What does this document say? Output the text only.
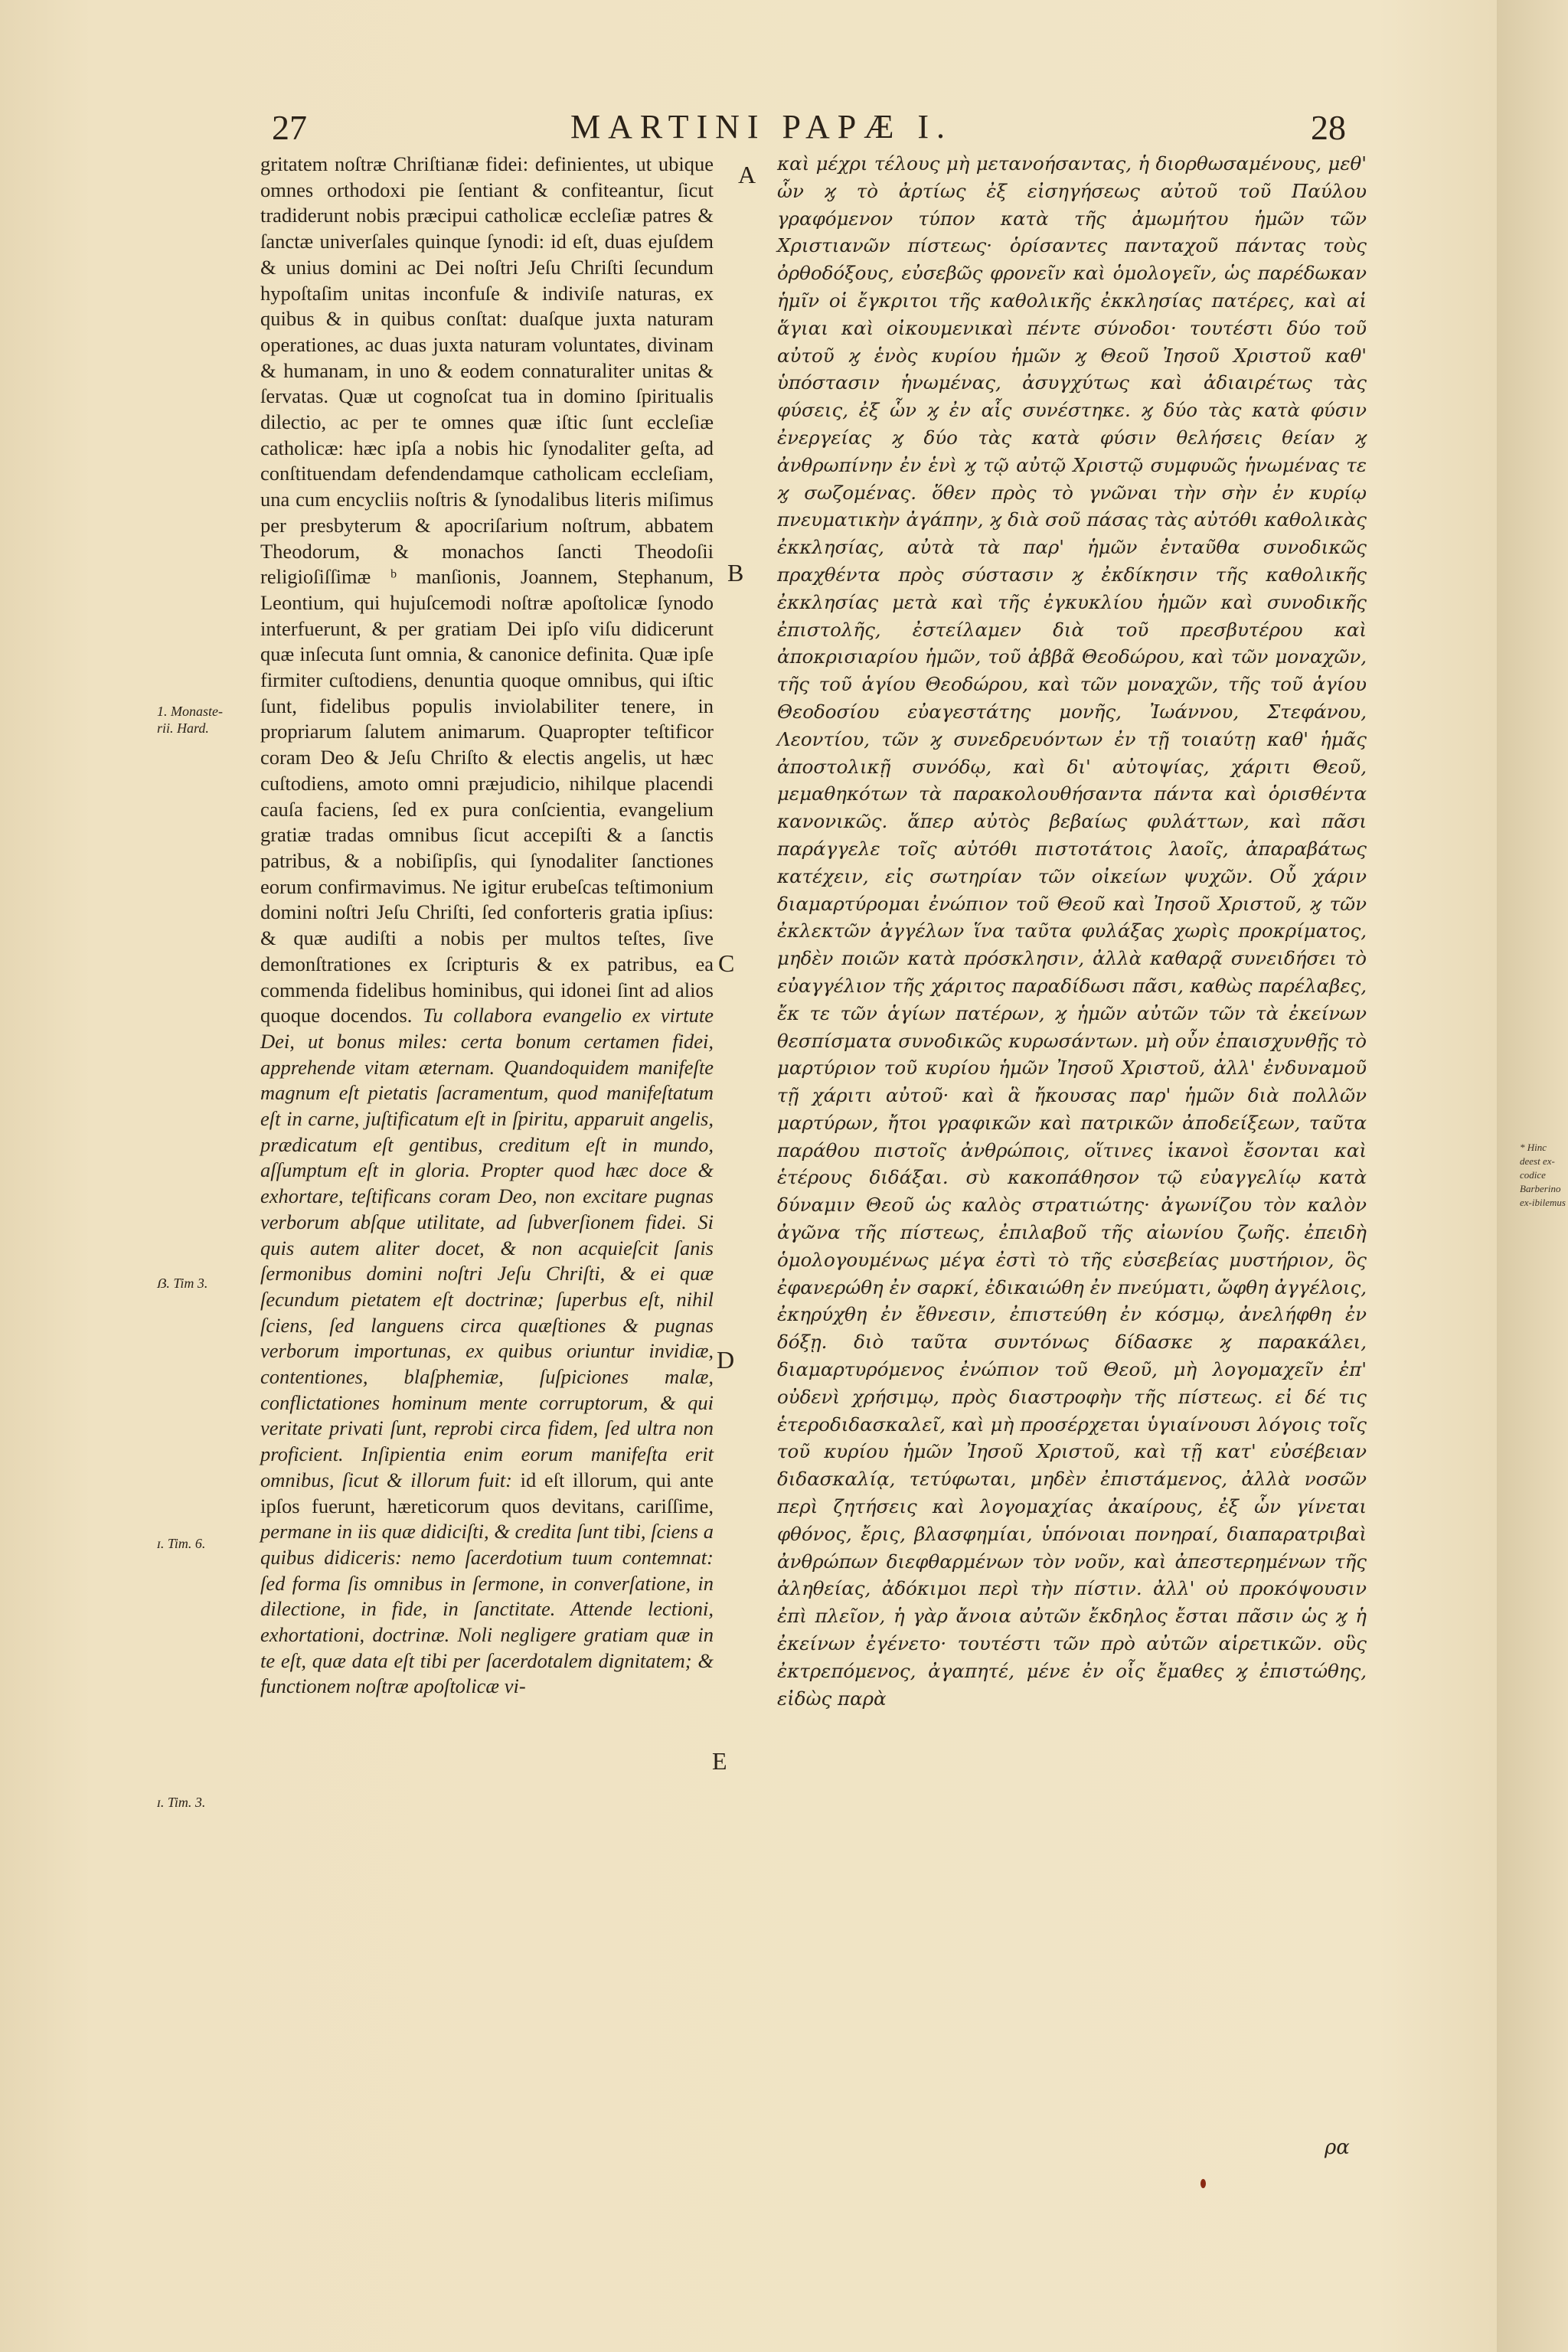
27	MARTINI PAPÆ I.	28
1. Monaste- rii. Hard.
ẞ. Tim 3.
ɪ. Tim. 6.
ɪ. Tim. 3.

gritatem noſtræ Chriſtianæ fidei: definientes, ut ubique omnes orthodoxi pie ſentiant & confiteantur, ſicut tradiderunt nobis præcipui catholicæ eccleſiæ patres & ſanctæ univerſales quinque ſynodi: id eſt, duas ejuſdem & unius domini ac Dei noſtri Jeſu Chriſti ſecundum hypoſtaſim unitas inconfuſe & indiviſe naturas, ex quibus & in quibus conſtat: duaſque juxta naturam operationes, ac duas juxta naturam voluntates, divinam & humanam, in uno & eodem connaturaliter unitas & ſervatas. Quæ ut cognoſcat tua in domino ſpiritualis dilectio, ac per te omnes quæ iſtic ſunt eccleſiæ catholicæ: hæc ipſa a nobis hic ſynodaliter geſta, ad conſtituendam defendendamque catholicam eccleſiam, una cum encycliis noſtris & ſynodalibus literis miſimus per presbyterum & apocriſarium noſtrum, abbatem Theodorum, & monachos ſancti Theodoſii religioſiſſimæ ᵇ manſionis, Joannem, Stephanum, Leontium, qui hujuſcemodi noſtræ apoſtolicæ ſynodo interfuerunt, & per gratiam Dei ipſo viſu didicerunt quæ inſecuta ſunt omnia, & canonice definita. Quæ ipſe firmiter cuſtodiens, denuntia quoque omnibus, qui iſtic ſunt, fidelibus populis inviolabiliter tenere, in propriarum ſalutem animarum. Quapropter teſtificor coram Deo & Jeſu Chriſto & electis angelis, ut hæc cuſtodiens, amoto omni præjudicio, nihilque placendi cauſa faciens, ſed ex pura conſcientia, evangelium gratiæ tradas omnibus ſicut accepiſti & a ſanctis patribus, & a nobiſipſis, qui ſynodaliter ſanctiones eorum confirmavimus. Ne igitur erubeſcas teſtimonium domini noſtri Jeſu Chriſti, ſed conforteris gratia ipſius: & quæ audiſti a nobis per multos teſtes, ſive demonſtrationes ex ſcripturis & ex patribus, ea commenda fidelibus hominibus, qui idonei ſint ad alios quoque docendos. Tu collabora evangelio ex virtute Dei, ut bonus miles: certa bonum certamen fidei, apprehende vitam æternam. Quandoquidem manifeſte magnum eſt pietatis ſacramentum, quod manifeſtatum eſt in carne, juſtificatum eſt in ſpiritu, apparuit angelis, prædicatum eſt gentibus, creditum eſt in mundo, aſſumptum eſt in gloria. Propter quod hæc doce & exhortare, teſtificans coram Deo, non excitare pugnas verborum abſque utilitate, ad ſubverſionem fidei. Si quis autem aliter docet, & non acquieſcit ſanis ſermonibus domini noſtri Jeſu Chriſti, & ei quæ ſecundum pietatem eſt doctrinæ; ſuperbus eſt, nihil ſciens, ſed languens circa quæſtiones & pugnas verborum importunas, ex quibus oriuntur invidiæ, contentiones, blaſphemiæ, ſuſpiciones malæ, conflictationes hominum mente corruptorum, & qui veritate privati ſunt, reprobi circa fidem, ſed ultra non proficient. Inſipientia enim eorum manifeſta erit omnibus, ſicut & illorum fuit: id eſt illorum, qui ante ipſos fuerunt, hæreticorum quos devitans, cariſſime, permane in iis quæ didiciſti, & credita ſunt tibi, ſciens a quibus didiceris: nemo ſacerdotium tuum contemnat: ſed forma ſis omnibus in ſermone, in converſatione, in dilectione, in fide, in ſanctitate. Attende lectioni, exhortationi, doctrinæ. Noli negligere gratiam quæ in te eſt, quæ data eſt tibi per ſacerdotalem dignitatem; & functionem noſtræ apoſtolicæ vi-

A
B
C
D
E

καὶ μέχρι τέλους μὴ μετανοήσαντας, ἡ διορθωσαμένους, μεθ' ὧν ϗ τὸ ἀρτίως ἐξ εἰσηγήσεως αὐτοῦ τοῦ Παύλου γραφόμενον τύπον κατὰ τῆς ἀμωμήτου ἡμῶν τῶν Χριστιανῶν πίστεως· ὁρίσαντες πανταχοῦ πάντας τοὺς ὀρθοδόξους, εὐσεβῶς φρονεῖν καὶ ὁμολογεῖν, ὡς παρέδωκαν ἡμῖν οἱ ἔγκριτοι τῆς καθολικῆς ἐκκλησίας πατέρες, καὶ αἱ ἅγιαι καὶ οἰκουμενικαὶ πέντε σύνοδοι· τουτέστι δύο τοῦ αὐτοῦ ϗ ἑνὸς κυρίου ἡμῶν ϗ Θεοῦ Ἰησοῦ Χριστοῦ καθ' ὑπόστασιν ἡνωμένας, ἀσυγχύτως καὶ ἀδιαιρέτως τὰς φύσεις, ἐξ ὧν ϗ ἐν αἷς συνέστηκε. ϗ δύο τὰς κατὰ φύσιν ἐνεργείας ϗ δύο τὰς κατὰ φύσιν θελήσεις θείαν ϗ ἀνθρωπίνην ἐν ἑνὶ ϗ τῷ αὐτῷ Χριστῷ συμφυῶς ἡνωμένας τε ϗ σωζομένας. ὅθεν πρὸς τὸ γνῶναι τὴν σὴν ἐν κυρίῳ πνευματικὴν ἀγάπην, ϗ διὰ σοῦ πάσας τὰς αὐτόθι καθολικὰς ἐκκλησίας, αὐτὰ τὰ παρ' ἡμῶν ἐνταῦθα συνοδικῶς πραχθέντα πρὸς σύστασιν ϗ ἐκδίκησιν τῆς καθολικῆς ἐκκλησίας μετὰ καὶ τῆς ἐγκυκλίου ἡμῶν καὶ συνοδικῆς ἐπιστολῆς, ἐστείλαμεν διὰ τοῦ πρεσβυτέρου καὶ ἀποκρισιαρίου ἡμῶν, τοῦ ἀββᾶ Θεοδώρου, καὶ τῶν μοναχῶν, τῆς τοῦ ἁγίου Θεοδώρου, καὶ τῶν μοναχῶν, τῆς τοῦ ἁγίου Θεοδοσίου εὐαγεστάτης μονῆς, Ἰωάννου, Στεφάνου, Λεοντίου, τῶν ϗ συνεδρευόντων ἐν τῇ τοιαύτῃ καθ' ἡμᾶς ἀποστολικῇ συνόδῳ, καὶ δι' αὐτοψίας, χάριτι Θεοῦ, μεμαθηκότων τὰ παρακολουθήσαντα πάντα καὶ ὁρισθέντα κανονικῶς. ἅπερ αὐτὸς βεβαίως φυλάττων, καὶ πᾶσι παράγγελε τοῖς αὐτόθι πιστοτάτοις λαοῖς, ἀπαραβάτως κατέχειν, εἰς σωτηρίαν τῶν οἰκείων ψυχῶν. Οὗ χάριν διαμαρτύρομαι ἐνώπιον τοῦ Θεοῦ καὶ Ἰησοῦ Χριστοῦ, ϗ τῶν ἐκλεκτῶν ἀγγέλων ἵνα ταῦτα φυλάξας χωρὶς προκρίματος, μηδὲν ποιῶν κατὰ πρόσκλησιν, ἀλλὰ καθαρᾷ συνειδήσει τὸ εὐαγγέλιον τῆς χάριτος παραδίδωσι πᾶσι, καθὼς παρέλαβες, ἔκ τε τῶν ἁγίων πατέρων, ϗ ἡμῶν αὐτῶν τῶν τὰ ἐκείνων θεσπίσματα συνοδικῶς κυρωσάντων. μὴ οὖν ἐπαισχυνθῇς τὸ μαρτύριον τοῦ κυρίου ἡμῶν Ἰησοῦ Χριστοῦ, ἀλλ' ἐνδυναμοῦ τῇ χάριτι αὐτοῦ· καὶ ἃ ἤκουσας παρ' ἡμῶν διὰ πολλῶν μαρτύρων, ἤτοι γραφικῶν καὶ πατρικῶν ἀποδείξεων, ταῦτα παράθου πιστοῖς ἀνθρώποις, οἵτινες ἱκανοὶ ἔσονται καὶ ἑτέρους διδάξαι. σὺ κακοπάθησον τῷ εὐαγγελίῳ κατὰ δύναμιν Θεοῦ ὡς καλὸς στρατιώτης· ἀγωνίζου τὸν καλὸν ἀγῶνα τῆς πίστεως, ἐπιλαβοῦ τῆς αἰωνίου ζωῆς. ἐπειδὴ ὁμολογουμένως μέγα ἐστὶ τὸ τῆς εὐσεβείας μυστήριον, ὃς ἐφανερώθη ἐν σαρκί, ἐδικαιώθη ἐν πνεύματι, ὤφθη ἀγγέλοις, ἐκηρύχθη ἐν ἔθνεσιν, ἐπιστεύθη ἐν κόσμῳ, ἀνελήφθη ἐν δόξῃ. διὸ ταῦτα συντόνως δίδασκε ϗ παρακάλει, διαμαρτυρόμενος ἐνώπιον τοῦ Θεοῦ, μὴ λογομαχεῖν ἐπ' οὐδενὶ χρήσιμῳ, πρὸς διαστροφὴν τῆς πίστεως. εἰ δέ τις ἑτεροδιδασκαλεῖ, καὶ μὴ προσέρχεται ὑγιαίνουσι λόγοις τοῖς τοῦ κυρίου ἡμῶν Ἰησοῦ Χριστοῦ, καὶ τῇ κατ' εὐσέβειαν διδασκαλίᾳ, τετύφωται, μηδὲν ἐπιστάμενος, ἀλλὰ νοσῶν περὶ ζητήσεις καὶ λογομαχίας ἀκαίρους, ἐξ ὧν γίνεται φθόνος, ἔρις, βλασφημίαι, ὑπόνοιαι πονηραί, διαπαρατριβαὶ ἀνθρώπων διεφθαρμένων τὸν νοῦν, καὶ ἀπεστερημένων τῆς ἀληθείας, ἀδόκιμοι περὶ τὴν πίστιν. ἀλλ' οὐ προκόψουσιν ἐπὶ πλεῖον, ἡ γὰρ ἄνοια αὐτῶν ἔκδηλος ἔσται πᾶσιν ὡς ϗ ἡ ἐκείνων ἐγένετο· τουτέστι τῶν πρὸ αὐτῶν αἱρετικῶν. οὓς ἐκτρεπόμενος, ἀγαπητέ, μένε ἐν οἷς ἔμαθες ϗ ἐπιστώθης, εἰδὼς παρὰ

ρα
* Hinc deest ex-codice Barberino ex-ibilemus
